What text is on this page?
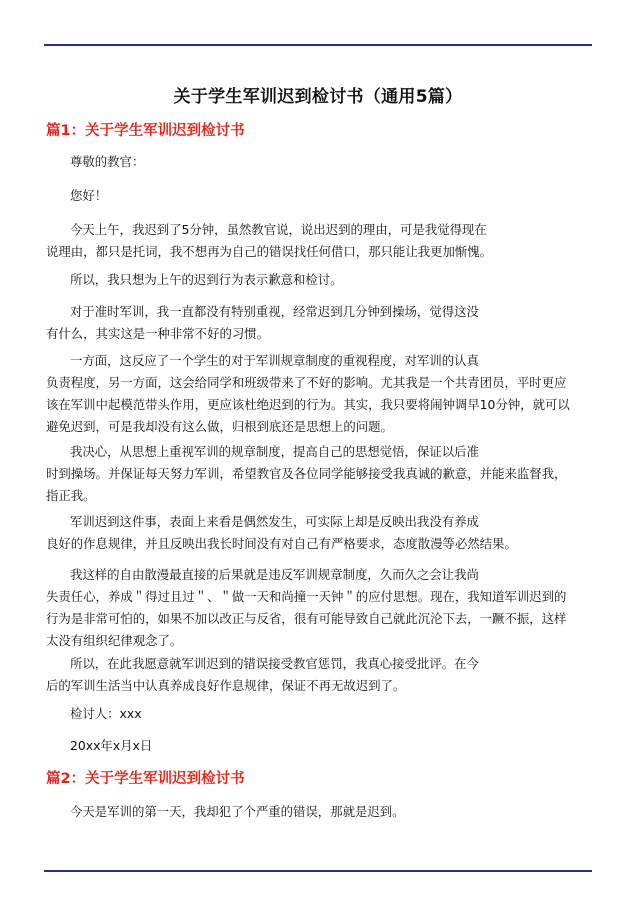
关于学生军训迟到检讨书（通用5篇）
篇1：关于学生军训迟到检讨书

尊敬的教官：

您好！

今天上午，我迟到了5分钟，虽然教官说，说出迟到的理由，可是我觉得现在
说理由，都只是托词，我不想再为自己的错误找任何借口，那只能让我更加惭愧。

所以，我只想为上午的迟到行为表示歉意和检讨。

对于准时军训，我一直都没有特别重视，经常迟到几分钟到操场，觉得这没
有什么，其实这是一种非常不好的习惯。

一方面，这反应了一个学生的对于军训规章制度的重视程度，对军训的认真
负责程度，另一方面，这会给同学和班级带来了不好的影响。尤其我是一个共青团员，平时更应
该在军训中起模范带头作用，更应该杜绝迟到的行为。其实，我只要将闹钟调早10分钟，就可以
避免迟到，可是我却没有这么做，归根到底还是思想上的问题。

我决心，从思想上重视军训的规章制度，提高自己的思想觉悟，保证以后准
时到操场。并保证每天努力军训，希望教官及各位同学能够接受我真诚的歉意，并能来监督我，
指正我。

军训迟到这件事，表面上来看是偶然发生，可实际上却是反映出我没有养成
良好的作息规律，并且反映出我长时间没有对自己有严格要求，态度散漫等必然结果。

我这样的自由散漫最直接的后果就是违反军训规章制度，久而久之会让我尚
失责任心，养成＂得过且过＂、＂做一天和尚撞一天钟＂的应付思想。现在，我知道军训迟到的
行为是非常可怕的，如果不加以改正与反省，很有可能导致自己就此沉沦下去，一蹶不振，这样
太没有组织纪律观念了。

所以，在此我愿意就军训迟到的错误接受教官惩罚，我真心接受批评。在今
后的军训生活当中认真养成良好作息规律，保证不再无故迟到了。

检讨人：xxx

20xx年x月x日

篇2：关于学生军训迟到检讨书

今天是军训的第一天，我却犯了个严重的错误，那就是迟到。
